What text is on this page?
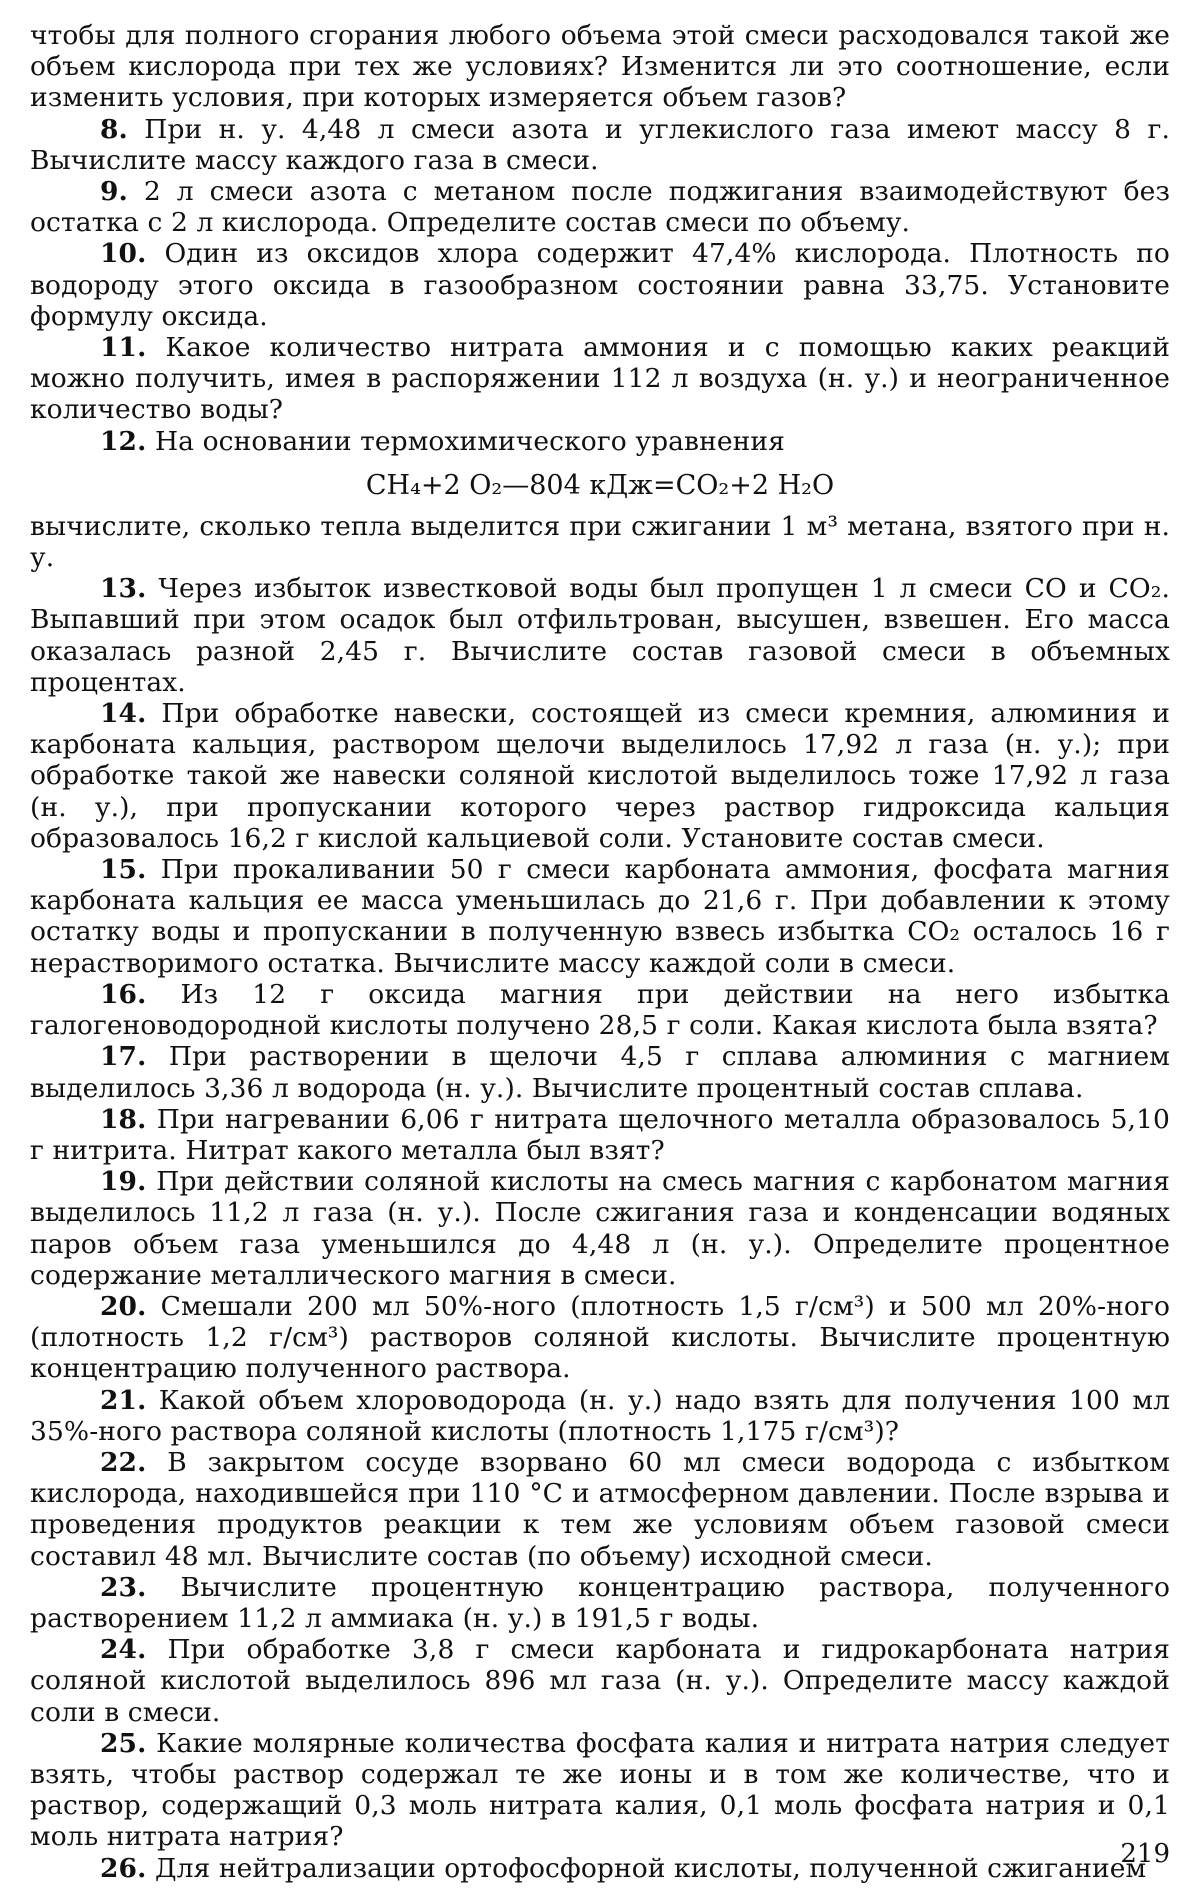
чтобы для полного сгорания любого объема этой смеси расходовался такой же объем кислорода при тех же условиях? Изменится ли это соотношение, если изменить условия, при которых измеряется объем газов?

8. При н. у. 4,48 л смеси азота и углекислого газа имеют массу 8 г. Вычислите массу каждого газа в смеси.

9. 2 л смеси азота с метаном после поджигания взаимодействуют без остатка с 2 л кислорода. Определите состав смеси по объему.

10. Один из оксидов хлора содержит 47,4% кислорода. Плотность по водороду этого оксида в газообразном состоянии равна 33,75. Установите формулу оксида.

11. Какое количество нитрата аммония и с помощью каких реакций можно получить, имея в распоряжении 112 л воздуха (н. у.) и неограниченное количество воды?

12. На основании термохимического уравнения

CH₄+2 O₂—804 кДж=CO₂+2 H₂O

вычислите, сколько тепла выделится при сжигании 1 м³ метана, взятого при н. у.

13. Через избыток известковой воды был пропущен 1 л смеси CO и CO₂. Выпавший при этом осадок был отфильтрован, высушен, взвешен. Его масса оказалась разной 2,45 г. Вычислите состав газовой смеси в объемных процентах.

14. При обработке навески, состоящей из смеси кремния, алюминия и карбоната кальция, раствором щелочи выделилось 17,92 л газа (н. у.); при обработке такой же навески соляной кислотой выделилось тоже 17,92 л газа (н. у.), при пропускании которого через раствор гидроксида кальция образовалось 16,2 г кислой кальциевой соли. Установите состав смеси.

15. При прокаливании 50 г смеси карбоната аммония, фосфата магния карбоната кальция ее масса уменьшилась до 21,6 г. При добавлении к этому остатку воды и пропускании в полученную взвесь избытка CO₂ осталось 16 г нерастворимого остатка. Вычислите массу каждой соли в смеси.

16. Из 12 г оксида магния при действии на него избытка галогеноводородной кислоты получено 28,5 г соли. Какая кислота была взята?

17. При растворении в щелочи 4,5 г сплава алюминия с магнием выделилось 3,36 л водорода (н. у.). Вычислите процентный состав сплава.

18. При нагревании 6,06 г нитрата щелочного металла образовалось 5,10 г нитрита. Нитрат какого металла был взят?

19. При действии соляной кислоты на смесь магния с карбонатом магния выделилось 11,2 л газа (н. у.). После сжигания газа и конденсации водяных паров объем газа уменьшился до 4,48 л (н. у.). Определите процентное содержание металлического магния в смеси.

20. Смешали 200 мл 50%-ного (плотность 1,5 г/см³) и 500 мл 20%-ного (плотность 1,2 г/см³) растворов соляной кислоты. Вычислите процентную концентрацию полученного раствора.

21. Какой объем хлороводорода (н. у.) надо взять для получения 100 мл 35%-ного раствора соляной кислоты (плотность 1,175 г/см³)?

22. В закрытом сосуде взорвано 60 мл смеси водорода с избытком кислорода, находившейся при 110 °C и атмосферном давлении. После взрыва и проведения продуктов реакции к тем же условиям объем газовой смеси составил 48 мл. Вычислите состав (по объему) исходной смеси.

23. Вычислите процентную концентрацию раствора, полученного растворением 11,2 л аммиака (н. у.) в 191,5 г воды.

24. При обработке 3,8 г смеси карбоната и гидрокарбоната натрия соляной кислотой выделилось 896 мл газа (н. у.). Определите массу каждой соли в смеси.

25. Какие молярные количества фосфата калия и нитрата натрия следует взять, чтобы раствор содержал те же ионы и в том же количестве, что и раствор, содержащий 0,3 моль нитрата калия, 0,1 моль фосфата натрия и 0,1 моль нитрата натрия?

26. Для нейтрализации ортофосфорной кислоты, полученной сжиганием

219
